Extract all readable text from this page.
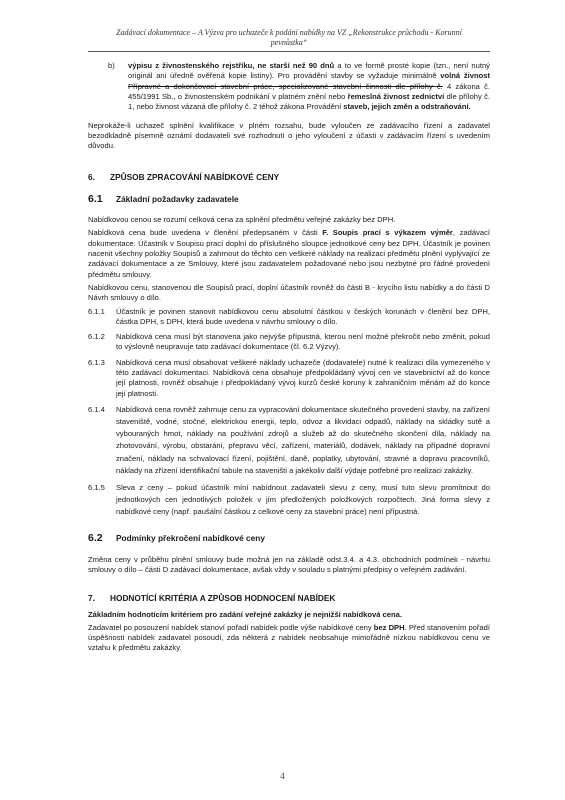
Zadávací dokumentace – A Výzva pro uchazeče k podání nabídky na VZ „Rekonstrukce průchodu - Korunní
pevnůstka“
b)	výpisu z živnostenského rejstříku, ne starší než 90 dnů a to ve formě prosté kopie (tzn., není nutný originál ani úředně ověřená kopie listiny). Pro provádění stavby se vyžaduje minimálně volná živnost Přípravné a dokončovací stavební práce, specializované stavební činnosti dle přílohy č. 4 zákona č. 455/1991 Sb., o živnostenském podnikání v platném znění nebo řemeslná živnost zednictví dle přílohy č. 1, nebo živnost vázaná dle přílohy č. 2 téhož zákona Provádění staveb, jejich změn a odstraňování.

Neprokáže-li uchazeč splnění kvalifikace v plném rozsahu, bude vyloučen ze zadávacího řízení a zadavatel bezodkladně písemně oznámí dodavateli své rozhodnutí o jeho vyloučení z účasti v zadávacím řízení s uvedením důvodu.

6.	ZPŮSOB ZPRACOVÁNÍ NABÍDKOVÉ CENY
6.1	Základní požadavky zadavatele

Nabídkovou cenou se rozumí celková cena za splnění předmětu veřejné zakázky bez DPH.

Nabídková cena bude uvedena v členění předepsaném v části F. Soupis prací s výkazem výměr, zadávací dokumentace. Účastník v Soupisu prací doplní do příslušného sloupce jednotkové ceny bez DPH. Účastník je povinen nacenit všechny položky Soupisů a zahrnout do těchto cen veškeré náklady na realizaci předmětu plnění vyplývající ze zadávací dokumentace a ze Smlouvy, které jsou zadavatelem požadované nebo jsou nezbytné pro řádné provedení předmětu smlouvy.

Nabídkovou cenu, stanovenou dle Soupisů prací, doplní účastník rovněž do části B - krycího listu nabídky a do části D Návrh smlouvy o dílo.

6.1.1	Účastník je povinen stanovit nabídkovou cenu absolutní částkou v českých korunách v členění bez DPH, částka DPH, s DPH, která bude uvedena v návrhu smlouvy o dílo.
6.1.2	Nabídková cena musí být stanovena jako nejvýše přípustná, kterou není možné překročit nebo změnit, pokud to výslovně neupravuje tato zadávací dokumentace (čl. 6.2 Výzvy).
6.1.3	Nabídková cena musí obsahovat veškeré náklady uchazeče (dodavatele) nutné k realizaci díla vymezeného v této zadávací dokumentaci. Nabídková cena obsahuje předpokládaný vývoj cen ve stavebnictví až do konce její platnosti, rovněž obsahuje i předpokládaný vývoj kurzů české koruny k zahraničním měnám až do konce její platnosti.
6.1.4	Nabídková cena rovněž zahrnuje cenu za vypracování dokumentace skutečného provedení stavby, na zařízení staveniště, vodné, stočné, elektrickou energii, teplo, odvoz a likvidaci odpadů, náklady na skládky sutě a vybouraných hmot, náklady na používání zdrojů a služeb až do skutečného skončení díla, náklady na zhotovování, výrobu, obstarání, přepravu věcí, zařízení, materiálů, dodávek, náklady na případné dopravní značení, náklady na schvalovací řízení, pojištění, daně, poplatky, ubytování, stravné a dopravu pracovníků, náklady na zřízení identifikační tabule na staveništi a jakékoliv další výdaje potřebné pro realizaci zakázky.
6.1.5	Sleva z ceny – pokud účastník míní nabídnout zadavateli slevu z ceny, musí tuto slevu promítnout do jednotkových cen jednotlivých položek v jím předložených položkových rozpočtech. Jiná forma slevy z nabídkové ceny (např. paušální částkou z celkové ceny za stavební práce) není přípustná.
6.2	Podmínky překročení nabídkové ceny

Změna ceny v průběhu plnění smlouvy bude možná jen na základě odst.3.4. a 4.3. obchodních podmínek - návrhu smlouvy o dílo – části D zadávací dokumentace, avšak vždy v souladu s platnými předpisy o veřejném zadávání.

7.	HODNOTÍCÍ KRITÉRIA A ZPŮSOB HODNOCENÍ NABÍDEK

Základním hodnotícím kritériem pro zadání veřejné zakázky je nejnižší nabídková cena.

Zadavatel po posouzení nabídek stanoví pořadí nabídek podle výše nabídkové ceny bez DPH. Před stanovením pořadí úspěšnosti nabídek zadavatel posoudí, zda některá z nabídek neobsahuje mimořádně nízkou nabídkovou cenu ve vztahu k předmětu zakázky.

4
